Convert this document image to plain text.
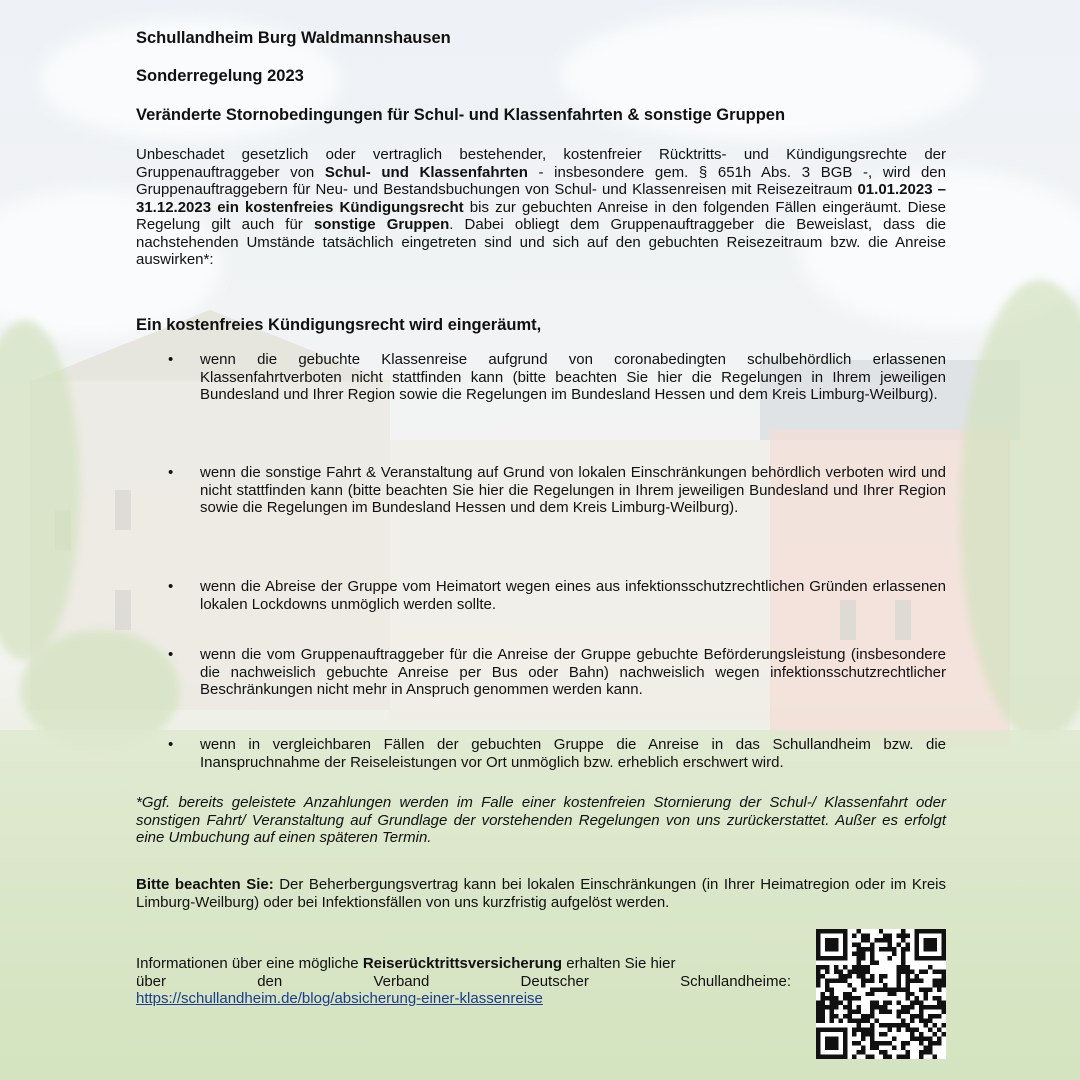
Schullandheim Burg Waldmannshausen
Sonderregelung 2023
Veränderte Stornobedingungen für Schul- und Klassenfahrten & sonstige Gruppen

Unbeschadet gesetzlich oder vertraglich bestehender, kostenfreier Rücktritts- und Kündigungsrechte der Gruppenauftraggeber von Schul- und Klassenfahrten - insbesondere gem. § 651h Abs. 3 BGB -, wird den Gruppenauftraggebern für Neu- und Bestandsbuchungen von Schul- und Klassenreisen mit Reisezeitraum 01.01.2023 – 31.12.2023 ein kostenfreies Kündigungsrecht bis zur gebuchten Anreise in den folgenden Fällen eingeräumt. Diese Regelung gilt auch für sonstige Gruppen. Dabei obliegt dem Gruppenauftraggeber die Beweislast, dass die nachstehenden Umstände tatsächlich eingetreten sind und sich auf den gebuchten Reisezeitraum bzw. die Anreise auswirken*:

Ein kostenfreies Kündigungsrecht wird eingeräumt,
• wenn die gebuchte Klassenreise aufgrund von coronabedingten schulbehördlich erlassenen Klassenfahrtverboten nicht stattfinden kann (bitte beachten Sie hier die Regelungen in Ihrem jeweiligen Bundesland und Ihrer Region sowie die Regelungen im Bundesland Hessen und dem Kreis Limburg-Weilburg).
• wenn die sonstige Fahrt & Veranstaltung auf Grund von lokalen Einschränkungen behördlich verboten wird und nicht stattfinden kann (bitte beachten Sie hier die Regelungen in Ihrem jeweiligen Bundesland und Ihrer Region sowie die Regelungen im Bundesland Hessen und dem Kreis Limburg-Weilburg).
• wenn die Abreise der Gruppe vom Heimatort wegen eines aus infektionsschutzrechtlichen Gründen erlassenen lokalen Lockdowns unmöglich werden sollte.
• wenn die vom Gruppenauftraggeber für die Anreise der Gruppe gebuchte Beförderungsleistung (insbesondere die nachweislich gebuchte Anreise per Bus oder Bahn) nachweislich wegen infektionsschutzrechtlicher Beschränkungen nicht mehr in Anspruch genommen werden kann.
• wenn in vergleichbaren Fällen der gebuchten Gruppe die Anreise in das Schullandheim bzw. die Inanspruchnahme der Reiseleistungen vor Ort unmöglich bzw. erheblich erschwert wird.

*Ggf. bereits geleistete Anzahlungen werden im Falle einer kostenfreien Stornierung der Schul-/ Klassenfahrt oder sonstigen Fahrt/ Veranstaltung auf Grundlage der vorstehenden Regelungen von uns zurückerstattet. Außer es erfolgt eine Umbuchung auf einen späteren Termin.

Bitte beachten Sie: Der Beherbergungsvertrag kann bei lokalen Einschränkungen (in Ihrer Heimatregion oder im Kreis Limburg-Weilburg) oder bei Infektionsfällen von uns kurzfristig aufgelöst werden.

Informationen über eine mögliche Reiserücktrittsversicherung erhalten Sie hier
über	den	Verband	Deutscher	Schullandheime:
https://schullandheim.de/blog/absicherung-einer-klassenreise
